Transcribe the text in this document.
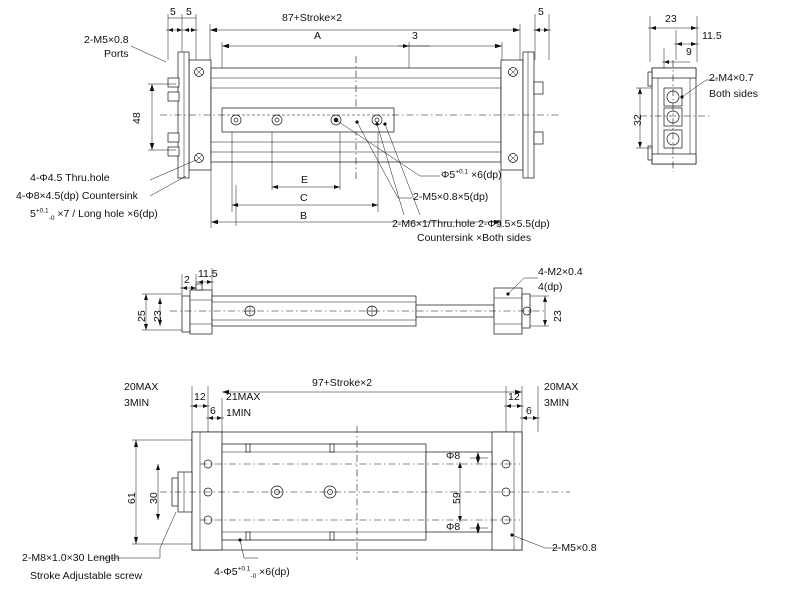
5 5	87+Stroke×2	5
A	3
2-M5×0.8
Ports
48
4-Φ4.5 Thru.hole
4-Φ8×4.5(dp) Countersink
$5^{+0.1}_{-0} \times 7$ / Long hole ×6(dp)
E
C
B
$\Phi 5^{+0.1} \times 6(dp)$
2-M5×0.8×5(dp)
2-M6×1/Thru.hole 2-Φ9.5×5.5(dp)
Countersink ×Both sides
23
11.5
9
2-M4×0.7
Both sides
32
2 11.5
25 23	23
4-M2×0.4
4(dp)
20MAX
3MIN	12
6
21MAX
1MIN
97+Stroke×2	20MAX
3MIN
12
6
61 30	59
Φ8
Φ8
2-M8×1.0×30 Length
Stroke Adjustable screw	$4-\Phi 5^{+0.1}_{-0} \times 6(dp)$
2-M5×0.8
